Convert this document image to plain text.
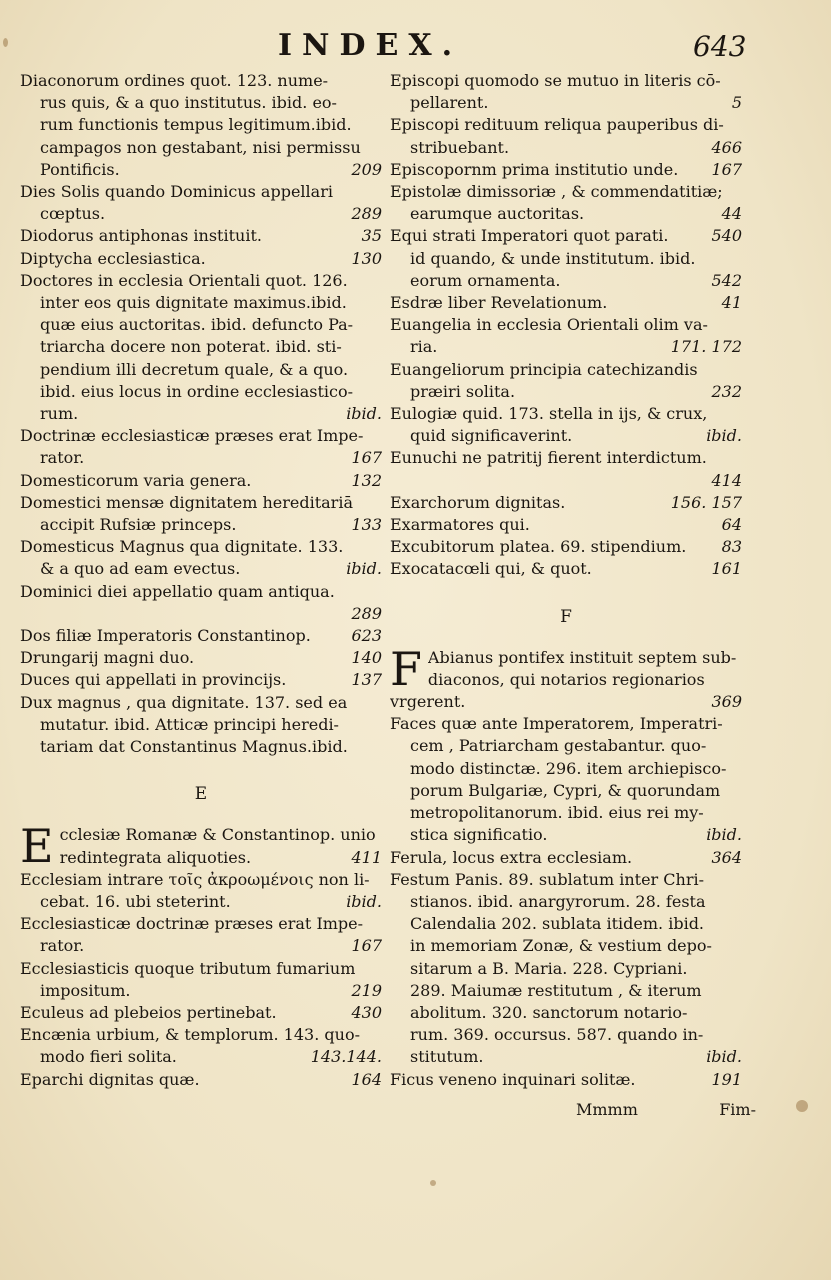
INDEX.	643
Diaconorum ordines quot. 123. nume-
rus quis, & a quo institutus. ibid. eo-
rum functionis tempus legitimum.ibid.
campagos non gestabant, nisi permissu
Pontificis.	209
Dies Solis quando Dominicus appellari
cœptus.	289
Diodorus antiphonas instituit.	35
Diptycha ecclesiastica.	130
Doctores in ecclesia Orientali quot. 126.
inter eos quis dignitate maximus.ibid.
quæ eius auctoritas. ibid. defuncto Pa-
triarcha docere non poterat. ibid. sti-
pendium illi decretum quale, & a quo.
ibid. eius locus in ordine ecclesiastico-
rum.	ibid.
Doctrinæ ecclesiasticæ præses erat Impe-
rator.	167
Domesticorum varia genera.	132
Domestici mensæ dignitatem hereditariā
accipit Rufsiæ princeps.	133
Domesticus Magnus qua dignitate. 133.
& a quo ad eam evectus.	ibid.
Dominici diei appellatio quam antiqua.
289
Dos filiæ Imperatoris Constantinop.	623
Drungarij magni duo.	140
Duces qui appellati in provincijs.	137
Dux magnus , qua dignitate. 137. sed ea
mutatur. ibid. Atticæ principi heredi-
tariam dat Constantinus Magnus.ibid.
E
E cclesiæ Romanæ & Constantinop. unio
redintegrata aliquoties.	411
Ecclesiam intrare τοῖς ἀκροωμένοις non li-
cebat. 16. ubi steterint.	ibid.
Ecclesiasticæ doctrinæ præses erat Impe-
rator.	167
Ecclesiasticis quoque tributum fumarium
impositum.	219
Eculeus ad plebeios pertinebat.	430
Encænia urbium, & templorum. 143. quo-
modo fieri solita.	143.144.
Eparchi dignitas quæ.	164
Episcopi quomodo se mutuo in literis cō-
pellarent.	5
Episcopi redituum reliqua pauperibus di-
stribuebant.	466
Episcopornm prima institutio unde.	167
Epistolæ dimissoriæ , & commendatitiæ;
earumque auctoritas.	44
Equi strati Imperatori quot parati.	540
id quando, & unde institutum. ibid.
eorum ornamenta.	542
Esdræ liber Revelationum.	41
Euangelia in ecclesia Orientali olim va-
ria.	171. 172
Euangeliorum principia catechizandis
præiri solita.	232
Eulogiæ quid. 173. stella in ijs, & crux,
quid significaverint.	ibid.
Eunuchi ne patritij fierent interdictum.
414
Exarchorum dignitas.	156. 157
Exarmatores qui.	64
Excubitorum platea. 69. stipendium.	83
Exocatacœli qui, & quot.	161
F
F Abianus pontifex instituit septem sub-
diaconos, qui notarios regionarios
vrgerent.	369
Faces quæ ante Imperatorem, Imperatri-
cem , Patriarcham gestabantur. quo-
modo distinctæ. 296. item archiepisco-
porum Bulgariæ, Cypri, & quorundam
metropolitanorum. ibid. eius rei my-
stica significatio.	ibid.
Ferula, locus extra ecclesiam.	364
Festum Panis. 89. sublatum inter Chri-
stianos. ibid. anargyrorum. 28. festa
Calendalia 202. sublata itidem. ibid.
in memoriam Zonæ, & vestium depo-
sitarum a B. Maria. 228. Cypriani.
289. Maiumæ restitutum , & iterum
abolitum. 320. sanctorum notario-
rum. 369. occursus. 587. quando in-
stitutum.	ibid.
Ficus veneno inquinari solitæ.	191
Mmmm	Fim-
